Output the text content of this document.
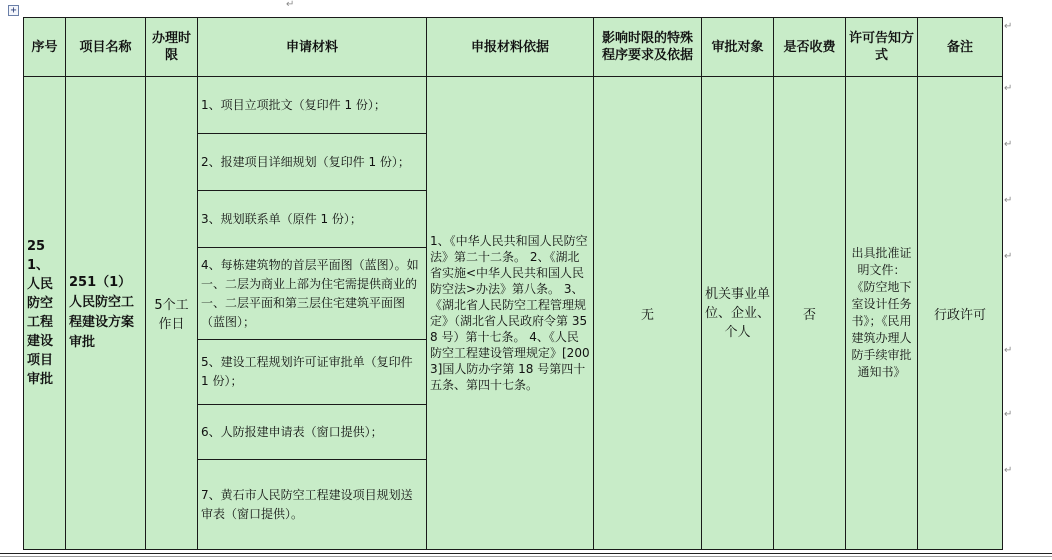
+
序号	项目名称	办理时限	申请材料	申报材料依据	影响时限的特殊程序要求及依据	审批对象	是否收费	许可告知方式	备注
251、人民防空工程建设项目审批	251（1）人民防空工程建设方案审批	5个工作日	1、项目立项批文（复印件 1 份）；	1、《中华人民共和国人民防空法》第二十二条。 2、《湖北省实施<中华人民共和国人民防空法>办法》第八条。 3、《湖北省人民防空工程管理规定》（湖北省人民政府令第 358 号）第十七条。 4、《人民防空工程建设管理规定》[2003]国人防办字第 18 号第四十五条、第四十七条。	无	机关事业单位、企业、个人	否	出具批准证明文件：《防空地下室设计任务书》；《民用建筑办理人防手续审批通知书》	行政许可
			2、报建项目详细规划（复印件 1 份）；						
			3、规划联系单（原件 1 份）；						
			4、每栋建筑物的首层平面图（蓝图）。如一、二层为商业上部为住宅需提供商业的一、二层平面和第三层住宅建筑平面图（蓝图）；						
			5、建设工程规划许可证审批单（复印件 1 份）；						
			6、人防报建申请表（窗口提供）；						
			7、黄石市人民防空工程建设项目规划送审表（窗口提供）。						
↵
↵
↵
↵
↵
↵
↵
↵
↵
